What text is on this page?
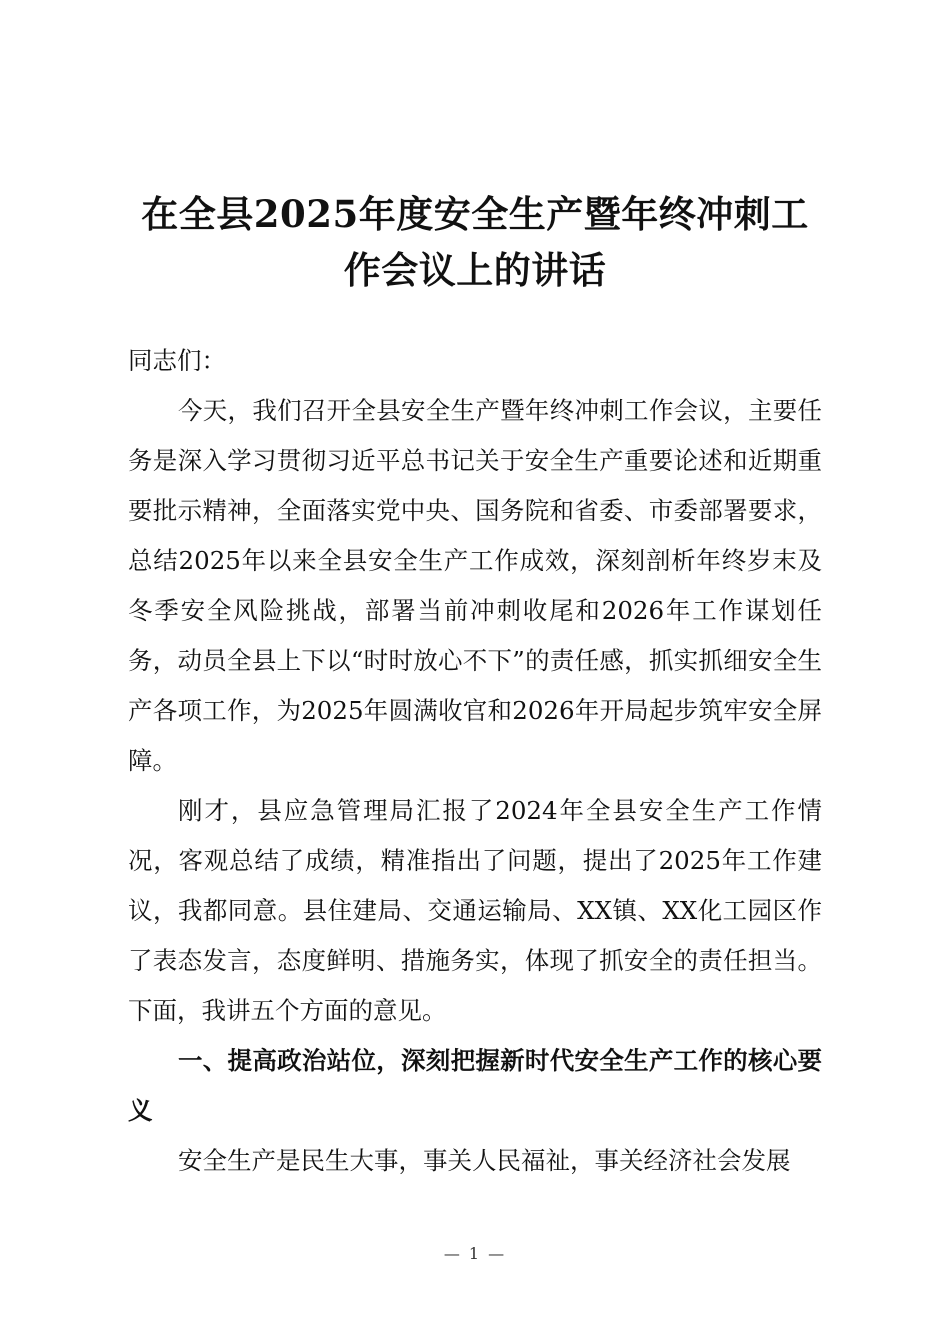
在全县2025年度安全生产暨年终冲刺工
作会议上的讲话

同志们：

今天，我们召开全县安全生产暨年终冲刺工作会议，主要任务是深入学习贯彻习近平总书记关于安全生产重要论述和近期重要批示精神，全面落实党中央、国务院和省委、市委部署要求，总结2025年以来全县安全生产工作成效，深刻剖析年终岁末及冬季安全风险挑战，部署当前冲刺收尾和2026年工作谋划任务，动员全县上下以“时时放心不下”的责任感，抓实抓细安全生产各项工作，为2025年圆满收官和2026年开局起步筑牢安全屏障。

刚才，县应急管理局汇报了2024年全县安全生产工作情况，客观总结了成绩，精准指出了问题，提出了2025年工作建议，我都同意。县住建局、交通运输局、XX镇、XX化工园区作了表态发言，态度鲜明、措施务实，体现了抓安全的责任担当。下面，我讲五个方面的意见。

一、提高政治站位，深刻把握新时代安全生产工作的核心要义

安全生产是民生大事，事关人民福祉，事关经济社会发展

— 1 —
